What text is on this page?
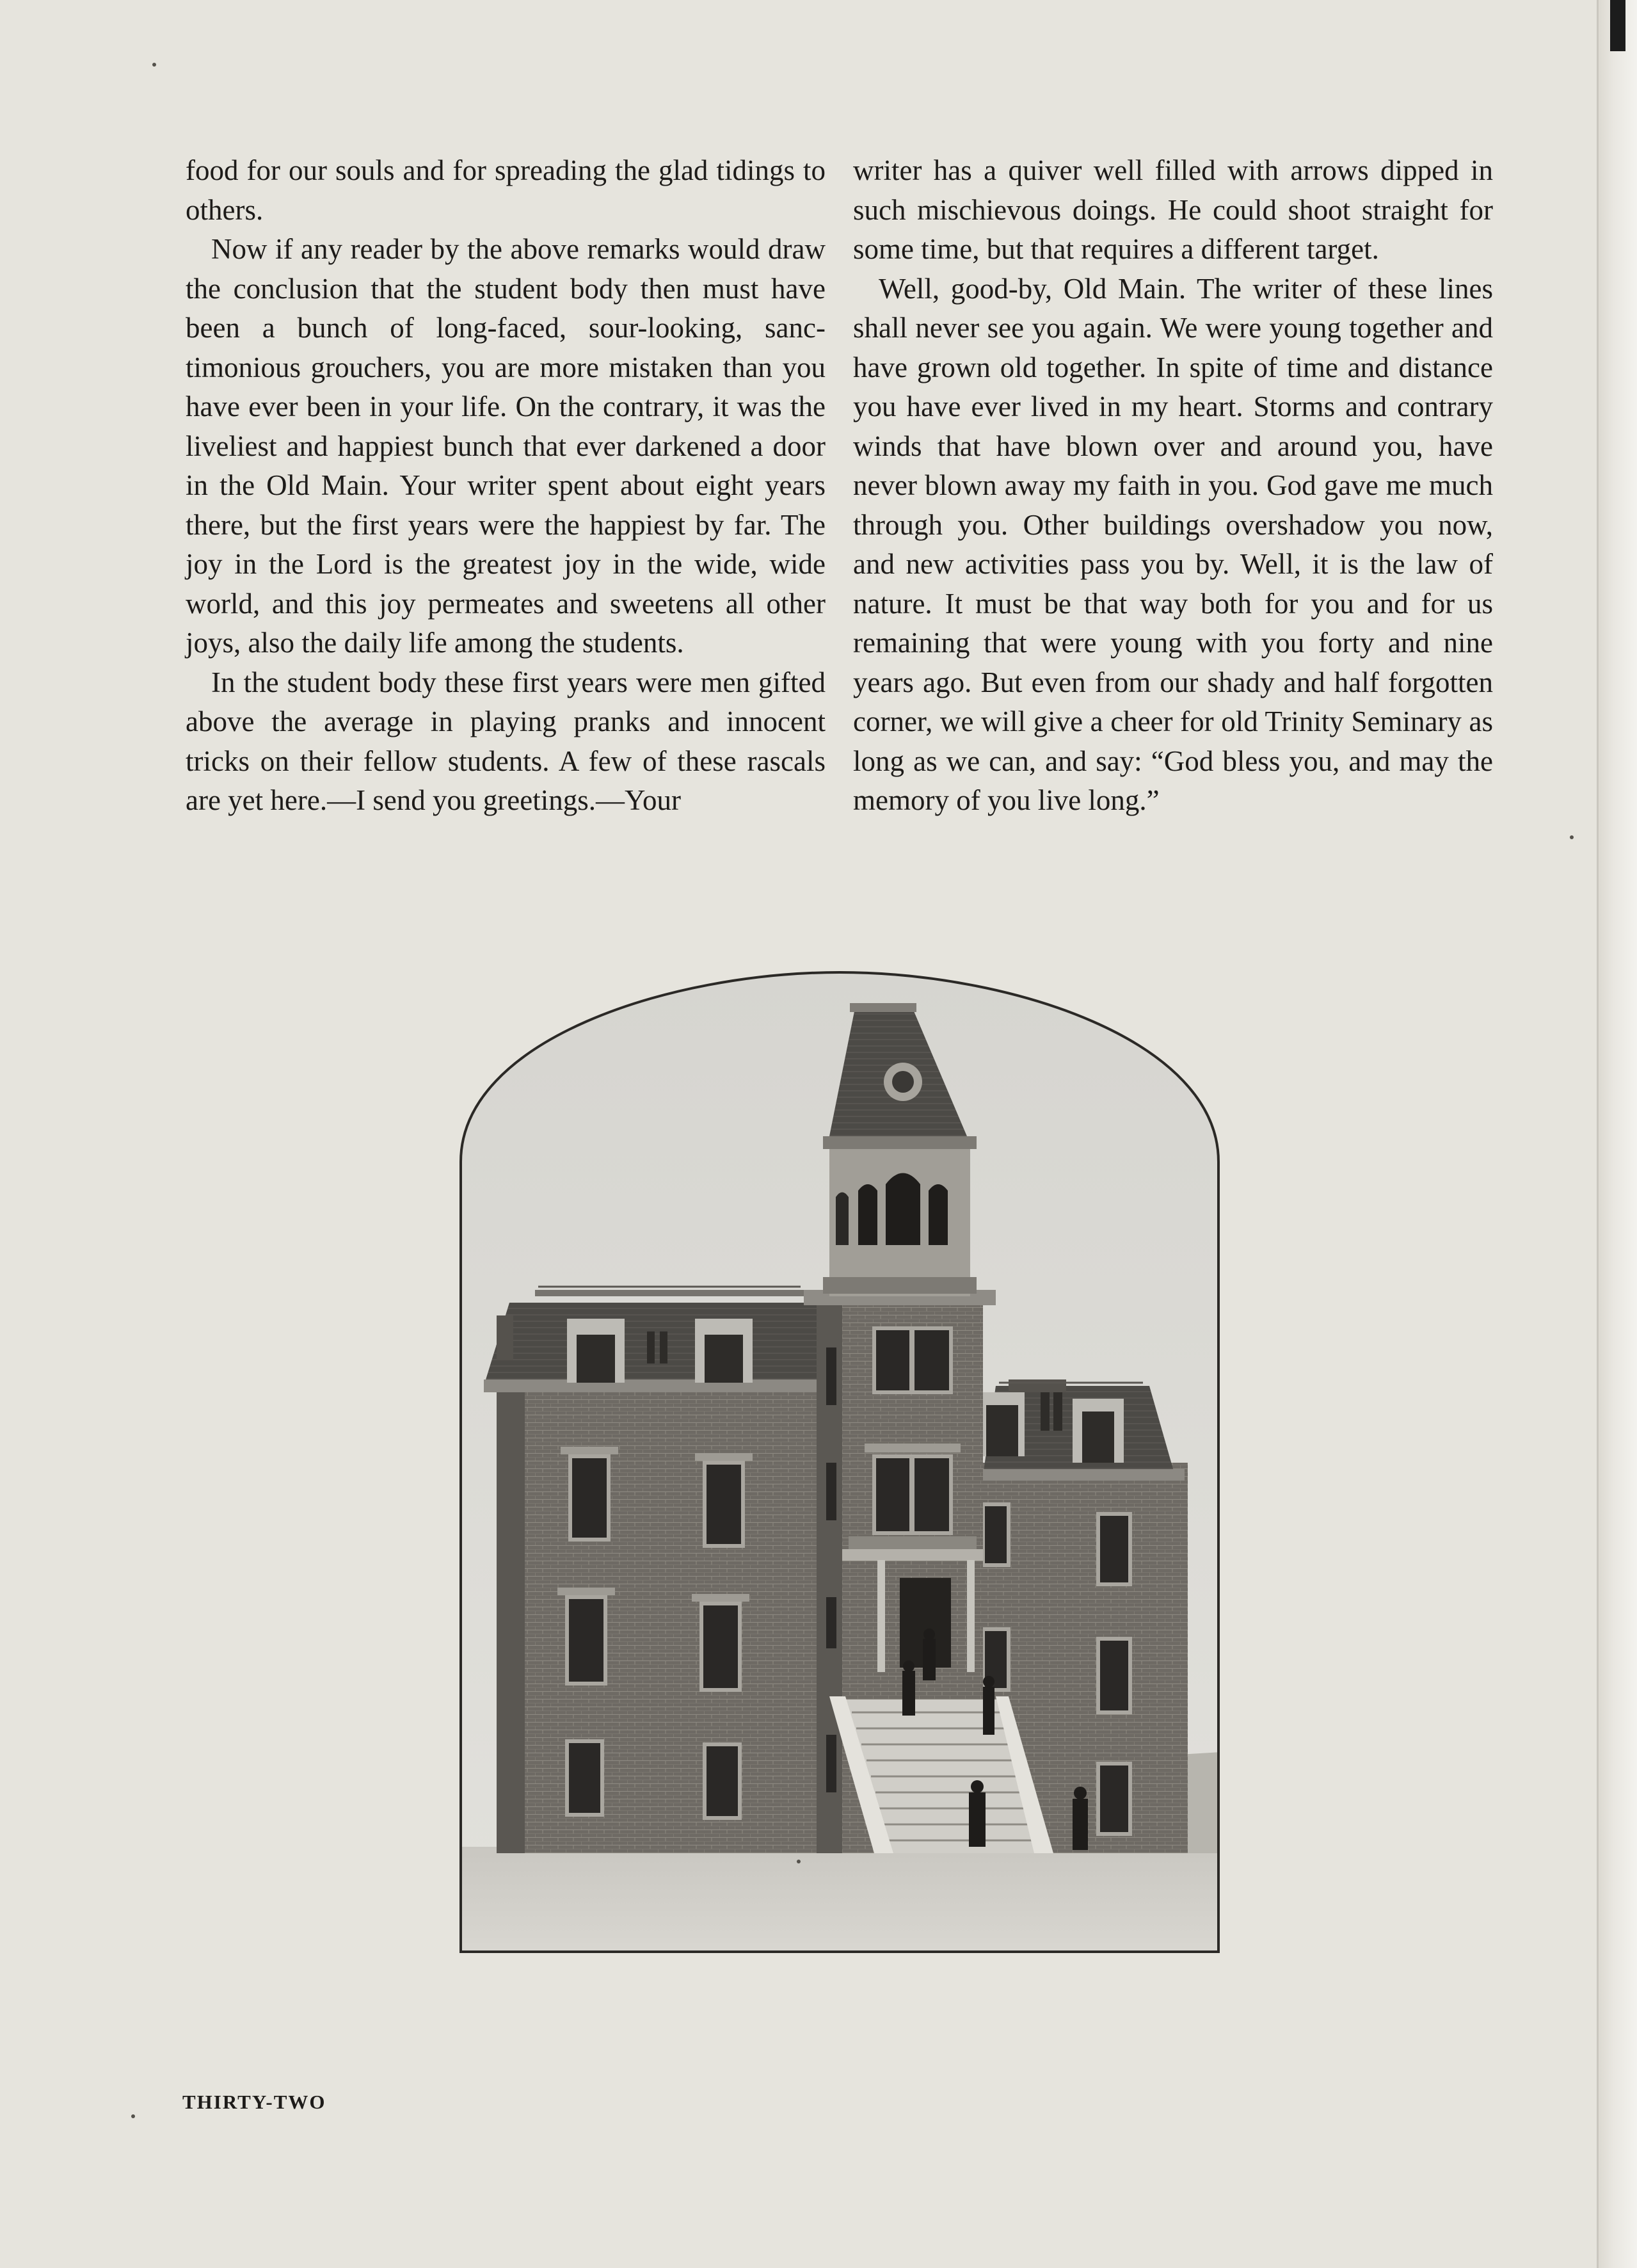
food for our souls and for spreading the glad tidings to others.

Now if any reader by the above remarks would draw the conclusion that the student body then must have been a bunch of long-faced, sour-looking, sanctimonious grouchers, you are more mistaken than you have ever been in your life. On the contrary, it was the liveliest and happiest bunch that ever darkened a door in the Old Main. Your writer spent about eight years there, but the first years were the happiest by far. The joy in the Lord is the greatest joy in the wide, wide world, and this joy permeates and sweetens all other joys, also the daily life among the students.

In the student body these first years were men gifted above the average in playing pranks and innocent tricks on their fellow students. A few of these rascals are yet here.—I send you greetings.—Your

writer has a quiver well filled with arrows dipped in such mischievous doings. He could shoot straight for some time, but that requires a different target.

Well, good-by, Old Main. The writer of these lines shall never see you again. We were young together and have grown old together. In spite of time and distance you have ever lived in my heart. Storms and contrary winds that have blown over and around you, have never blown away my faith in you. God gave me much through you. Other buildings overshadow you now, and new activities pass you by. Well, it is the law of nature. It must be that way both for you and for us remaining that were young with you forty and nine years ago. But even from our shady and half forgotten corner, we will give a cheer for old Trinity Seminary as long as we can, and say: “God bless you, and may the memory of you live long.”

THIRTY-TWO
